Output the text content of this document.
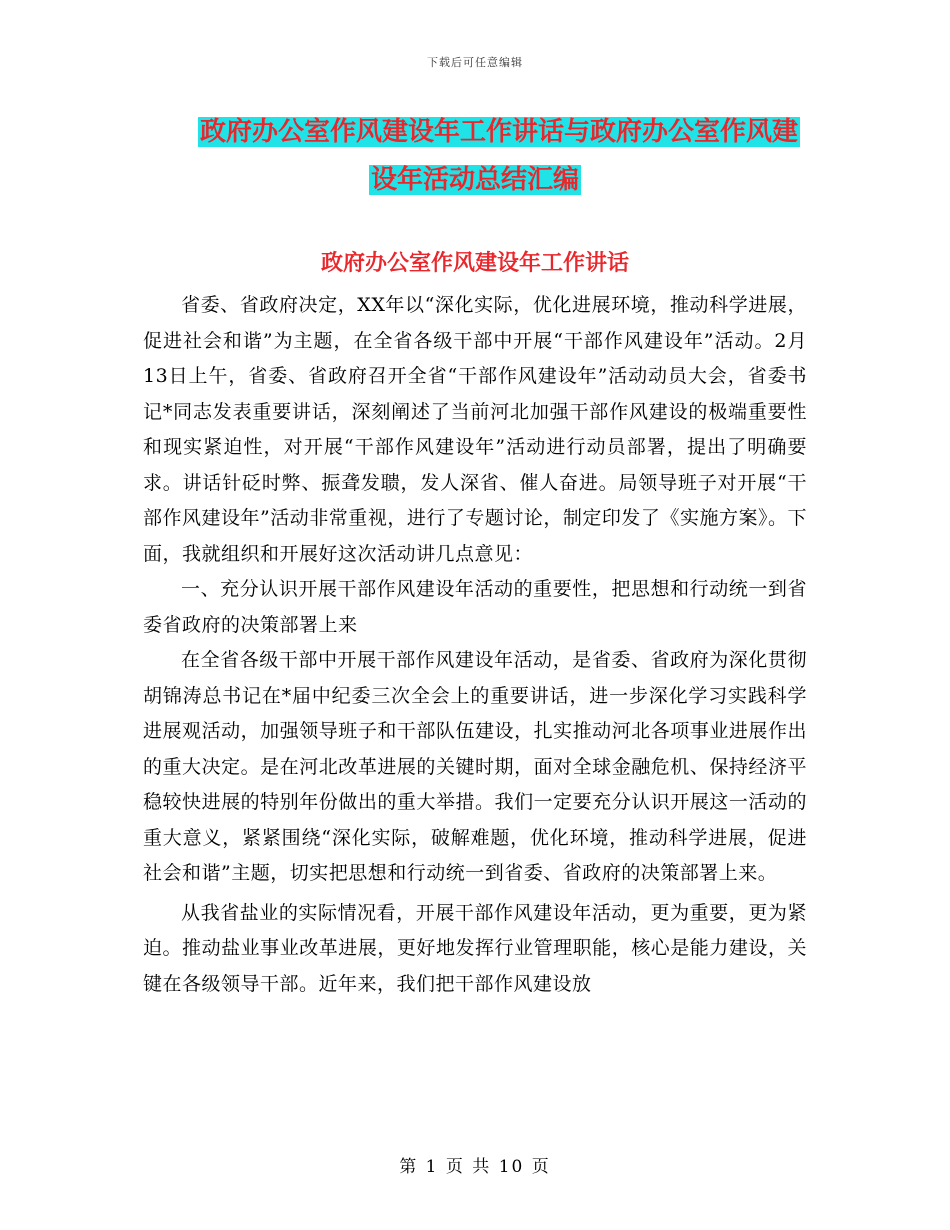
下载后可任意编辑
政府办公室作风建设年工作讲话与政府办公室作风建
设年活动总结汇编
政府办公室作风建设年工作讲话

省委、省政府决定，XX年以“深化实际，优化进展环境，推动科学进展，促进社会和谐”为主题，在全省各级干部中开展“干部作风建设年”活动。2月13日上午，省委、省政府召开全省“干部作风建设年”活动动员大会，省委书记*同志发表重要讲话，深刻阐述了当前河北加强干部作风建设的极端重要性和现实紧迫性，对开展“干部作风建设年”活动进行动员部署，提出了明确要求。讲话针砭时弊、振聋发聩，发人深省、催人奋进。局领导班子对开展“干部作风建设年”活动非常重视，进行了专题讨论，制定印发了《实施方案》。下面，我就组织和开展好这次活动讲几点意见：

一、充分认识开展干部作风建设年活动的重要性，把思想和行动统一到省委省政府的决策部署上来

在全省各级干部中开展干部作风建设年活动，是省委、省政府为深化贯彻胡锦涛总书记在*届中纪委三次全会上的重要讲话，进一步深化学习实践科学进展观活动，加强领导班子和干部队伍建设，扎实推动河北各项事业进展作出的重大决定。是在河北改革进展的关键时期，面对全球金融危机、保持经济平稳较快进展的特别年份做出的重大举措。我们一定要充分认识开展这一活动的重大意义，紧紧围绕“深化实际，破解难题，优化环境，推动科学进展，促进社会和谐”主题，切实把思想和行动统一到省委、省政府的决策部署上来。

从我省盐业的实际情况看，开展干部作风建设年活动，更为重要，更为紧迫。推动盐业事业改革进展，更好地发挥行业管理职能，核心是能力建设，关键在各级领导干部。近年来，我们把干部作风建设放

第 1 页 共 10 页
